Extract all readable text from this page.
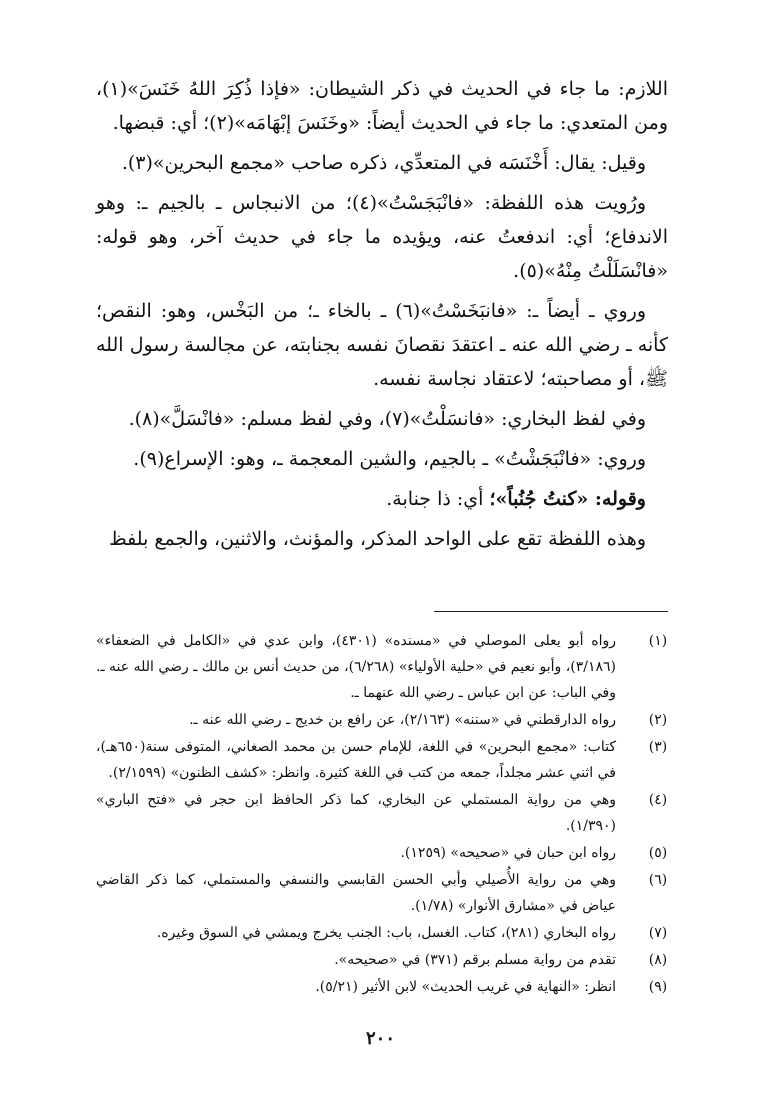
اللازم: ما جاء في الحديث في ذكر الشيطان: «فإذا ذُكِرَ اللهُ خَنَسَ»(١)، ومن المتعدي: ما جاء في الحديث أيضاً: «وخَنَسَ إبْهَامَه»(٢)؛ أي: قبضها.

وقيل: يقال: أَخْنَسَه في المتعدِّي، ذكره صاحب «مجمع البحرين»(٣).

ورُويت هذه اللفظة: «فانْبَجَسْتُ»(٤)؛ من الانبجاس ـ بالجيم ـ: وهو الاندفاع؛ أي: اندفعتُ عنه، ويؤيده ما جاء في حديث آخر، وهو قوله: «فانْسَلَلْتُ مِنْهُ»(٥).

وروي ـ أيضاً ـ: «فانبَخَسْتُ»(٦) ـ بالخاء ـ؛ من البَخْس، وهو: النقص؛ كأنه ـ رضي الله عنه ـ اعتقدَ نقصانَ نفسه بجنابته، عن مجالسة رسول الله ﷺ، أو مصاحبته؛ لاعتقاد نجاسة نفسه.

وفي لفظ البخاري: «فانسَلْتُ»(٧)، وفي لفظ مسلم: «فانْسَلَّ»(٨).

وروي: «فانْبَجَشْتُ» ـ بالجيم، والشين المعجمة ـ، وهو: الإسراع(٩).

وقوله: «كنتُ جُنُباً»؛ أي: ذا جنابة.

وهذه اللفظة تقع على الواحد المذكر، والمؤنث، والاثنين، والجمع بلفظ

(١)
رواه أبو يعلى الموصلي في «مسنده» (٤٣٠١)، وابن عدي في «الكامل في الضعفاء» (٣/١٨٦)، وأبو نعيم في «حلية الأولياء» (٦/٢٦٨)، من حديث أنس بن مالك ـ رضي الله عنه ـ. وفي الباب: عن ابن عباس ـ رضي الله عنهما ـ.
(٢)
رواه الدارقطني في «سننه» (٢/١٦٣)، عن رافع بن خديج ـ رضي الله عنه ـ.
(٣)
كتاب: «مجمع البحرين» في اللغة، للإمام حسن بن محمد الصغاني، المتوفى سنة(٦٥٠هـ)، في اثني عشر مجلداً، جمعه من كتب في اللغة كثيرة. وانظر: «كشف الظنون» (٢/١٥٩٩).
(٤)
وهي من رواية المستملي عن البخاري، كما ذكر الحافظ ابن حجر في «فتح الباري» (١/٣٩٠).
(٥)
رواه ابن حبان في «صحيحه» (١٢٥٩).
(٦)
وهي من رواية الأُصيلي وأبي الحسن القابسي والنسفي والمستملي، كما ذكر القاضي عياض في «مشارق الأنوار» (١/٧٨).
(٧)
رواه البخاري (٢٨١)، كتاب. الغسل، باب: الجنب يخرج ويمشي في السوق وغيره.
(٨)
تقدم من رواية مسلم برقم (٣٧١) في «صحيحه».
(٩)
انظر: «النهاية في غريب الحديث» لابن الأثير (٥/٢١).
٢٠٠
